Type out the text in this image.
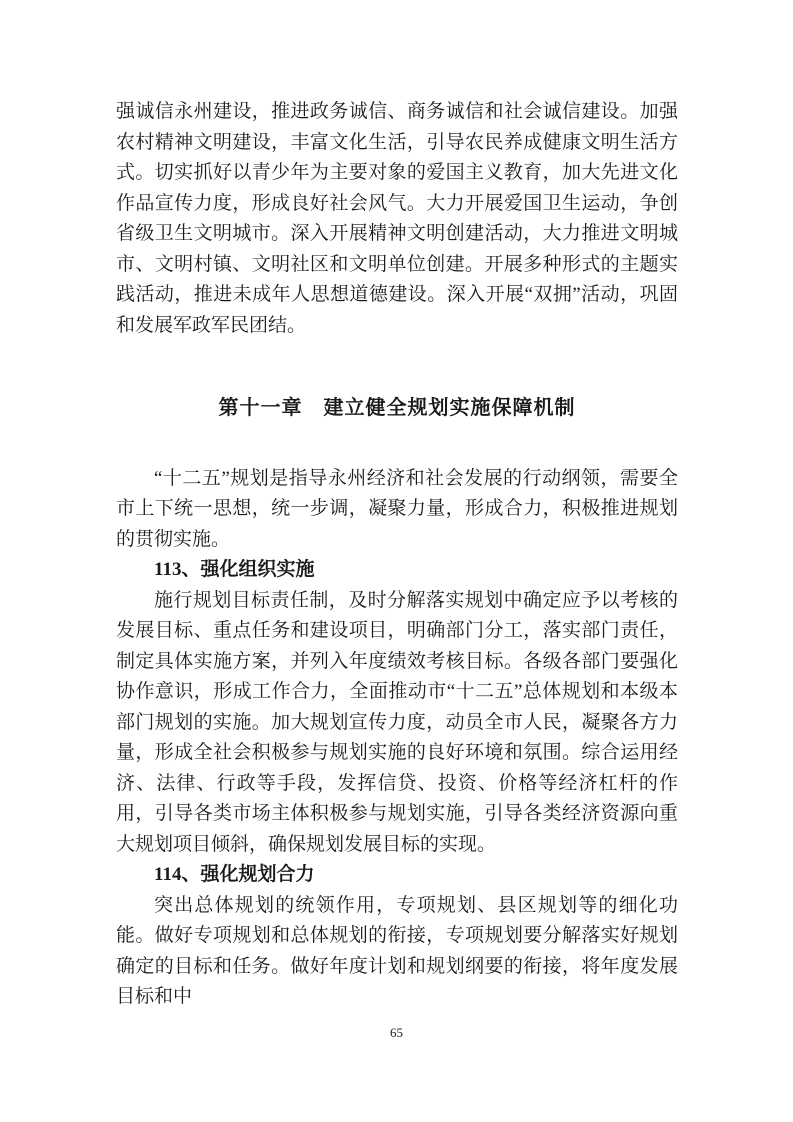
强诚信永州建设，推进政务诚信、商务诚信和社会诚信建设。加强农村精神文明建设，丰富文化生活，引导农民养成健康文明生活方式。切实抓好以青少年为主要对象的爱国主义教育，加大先进文化作品宣传力度，形成良好社会风气。大力开展爱国卫生运动，争创省级卫生文明城市。深入开展精神文明创建活动，大力推进文明城市、文明村镇、文明社区和文明单位创建。开展多种形式的主题实践活动，推进未成年人思想道德建设。深入开展“双拥”活动，巩固和发展军政军民团结。

第十一章　建立健全规划实施保障机制

“十二五”规划是指导永州经济和社会发展的行动纲领，需要全市上下统一思想，统一步调，凝聚力量，形成合力，积极推进规划的贯彻实施。

113、强化组织实施

施行规划目标责任制，及时分解落实规划中确定应予以考核的发展目标、重点任务和建设项目，明确部门分工，落实部门责任，制定具体实施方案，并列入年度绩效考核目标。各级各部门要强化协作意识，形成工作合力，全面推动市“十二五”总体规划和本级本部门规划的实施。加大规划宣传力度，动员全市人民，凝聚各方力量，形成全社会积极参与规划实施的良好环境和氛围。综合运用经济、法律、行政等手段，发挥信贷、投资、价格等经济杠杆的作用，引导各类市场主体积极参与规划实施，引导各类经济资源向重大规划项目倾斜，确保规划发展目标的实现。

114、强化规划合力

突出总体规划的统领作用，专项规划、县区规划等的细化功能。做好专项规划和总体规划的衔接，专项规划要分解落实好规划确定的目标和任务。做好年度计划和规划纲要的衔接，将年度发展目标和中

65
